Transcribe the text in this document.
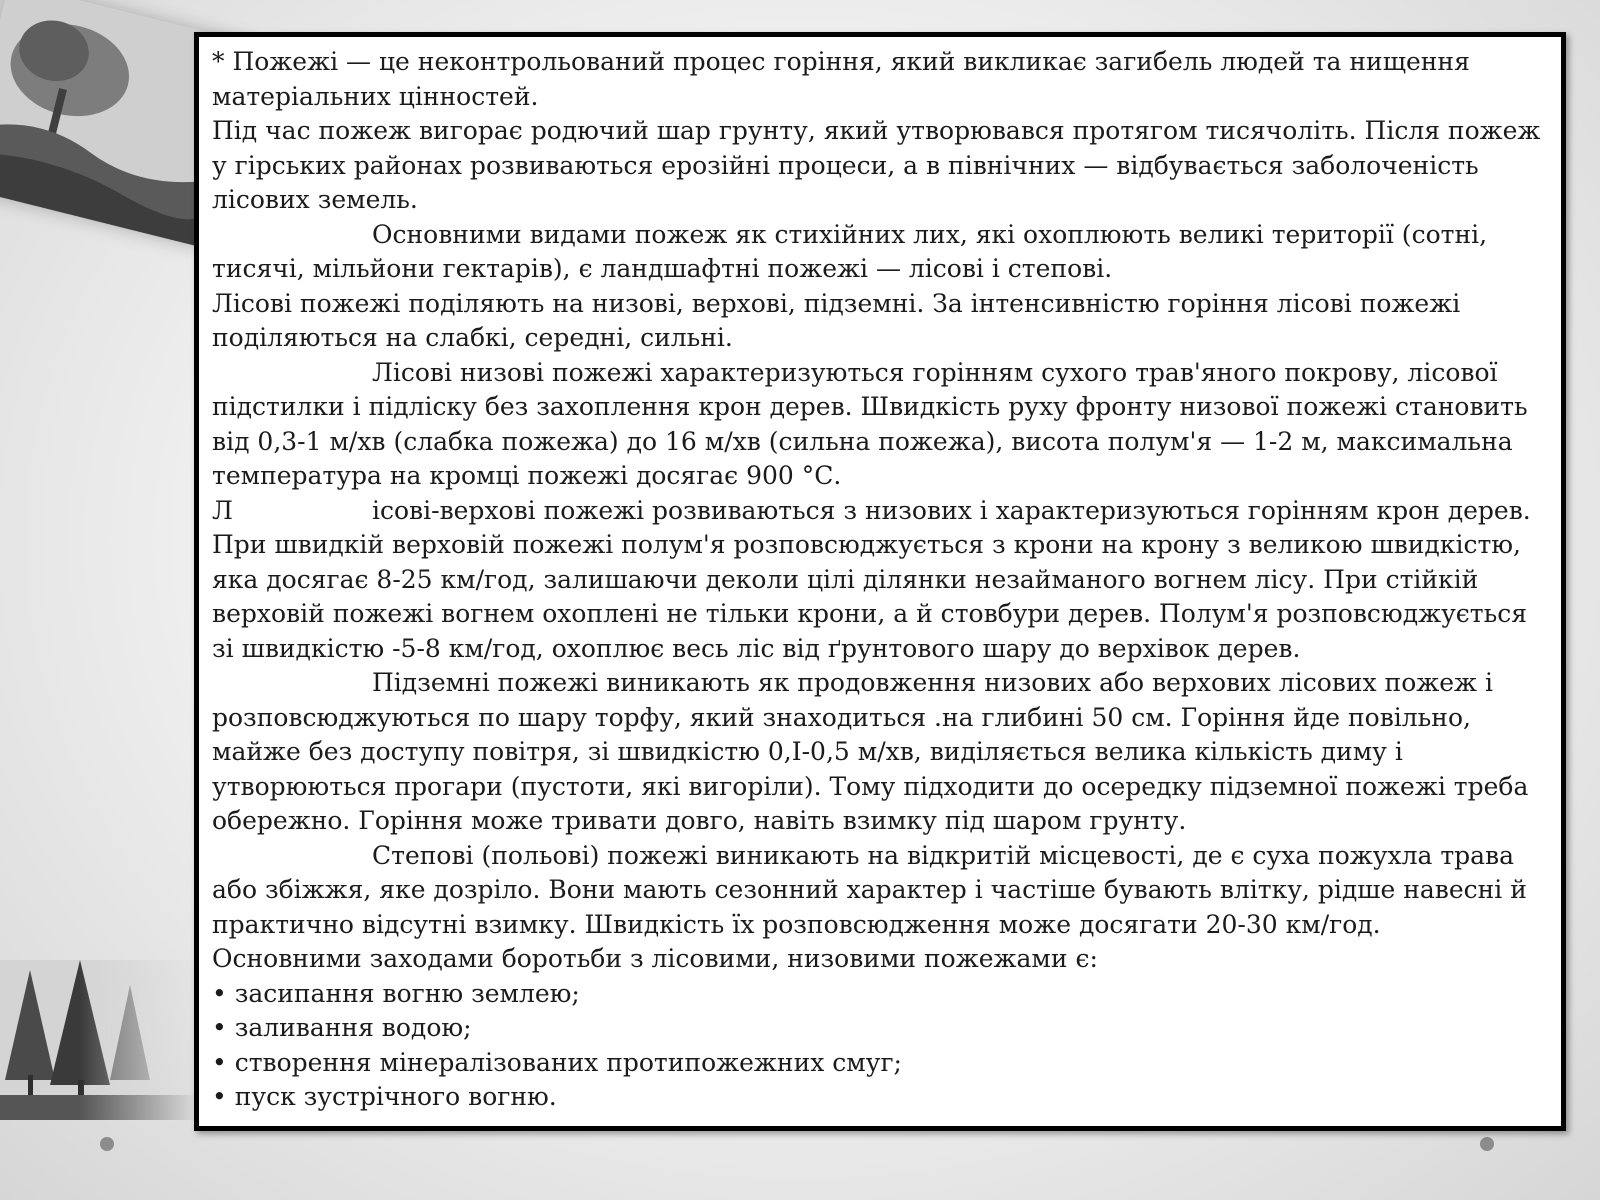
* Пожежі — це неконтрольований процес горіння, який викликає загибель людей та нищення матеріальних цінностей.

Під час пожеж вигорає родючий шар грунту, який утворювався протягом тисячоліть. Після пожеж у гірських районах розвиваються ерозійні процеси, а в північних — відбувається заболоченість лісових земель.

Основними видами пожеж як стихійних лих, які охоплюють великі території (сотні, тисячі, мільйони гектарів), є ландшафтні пожежі — лісові і степові.

Лісові пожежі поділяють на низові, верхові, підземні. За інтенсивністю горіння лісові пожежі поділяються на слабкі, середні, сильні.

Лісові низові пожежі характеризуються горінням сухого трав'яного покрову, лісової підстилки і підліску без захоплення крон дерев. Швидкість руху фронту низової пожежі становить від 0,3-1 м/хв (слабка пожежа) до 16 м/хв (сильна пожежа), висота полум'я — 1-2 м, максимальна температура на кромці пожежі досягає 900 °С.

Л	ісові-верхові пожежі розвиваються з низових і характеризуються горінням крон дерев. При швидкій верховій пожежі полум'я розповсюджується з крони на крону з великою швидкістю, яка досягає 8-25 км/год, залишаючи деколи цілі ділянки незайманого вогнем лісу. При стійкій верховій пожежі вогнем охоплені не тільки крони, а й стовбури дерев. Полум'я розповсюджується зі швидкістю -5-8 км/год, охоплює весь ліс від ґрунтового шару до верхівок дерев.

Підземні пожежі виникають як продовження низових або верхових лісових пожеж і розповсюджуються по шару торфу, який знаходиться .на глибині 50 см. Горіння йде повільно, майже без доступу повітря, зі швидкістю 0,І-0,5 м/хв, виділяється велика кількість диму і утворюються прогари (пустоти, які вигоріли). Тому підходити до осередку підземної пожежі треба обережно. Горіння може тривати довго, навіть взимку під шаром грунту.

Степові (польові) пожежі виникають на відкритій місцевості, де є суха пожухла трава або збіжжя, яке дозріло. Вони мають сезонний характер і частіше бувають влітку, рідше навесні й практично відсутні взимку. Швидкість їх розповсюдження може досягати 20-30 км/год.

Основними заходами боротьби з лісовими, низовими пожежами є:

• засипання вогню землею;

• заливання водою;

• створення мінералізованих протипожежних смуг;

• пуск зустрічного вогню.
